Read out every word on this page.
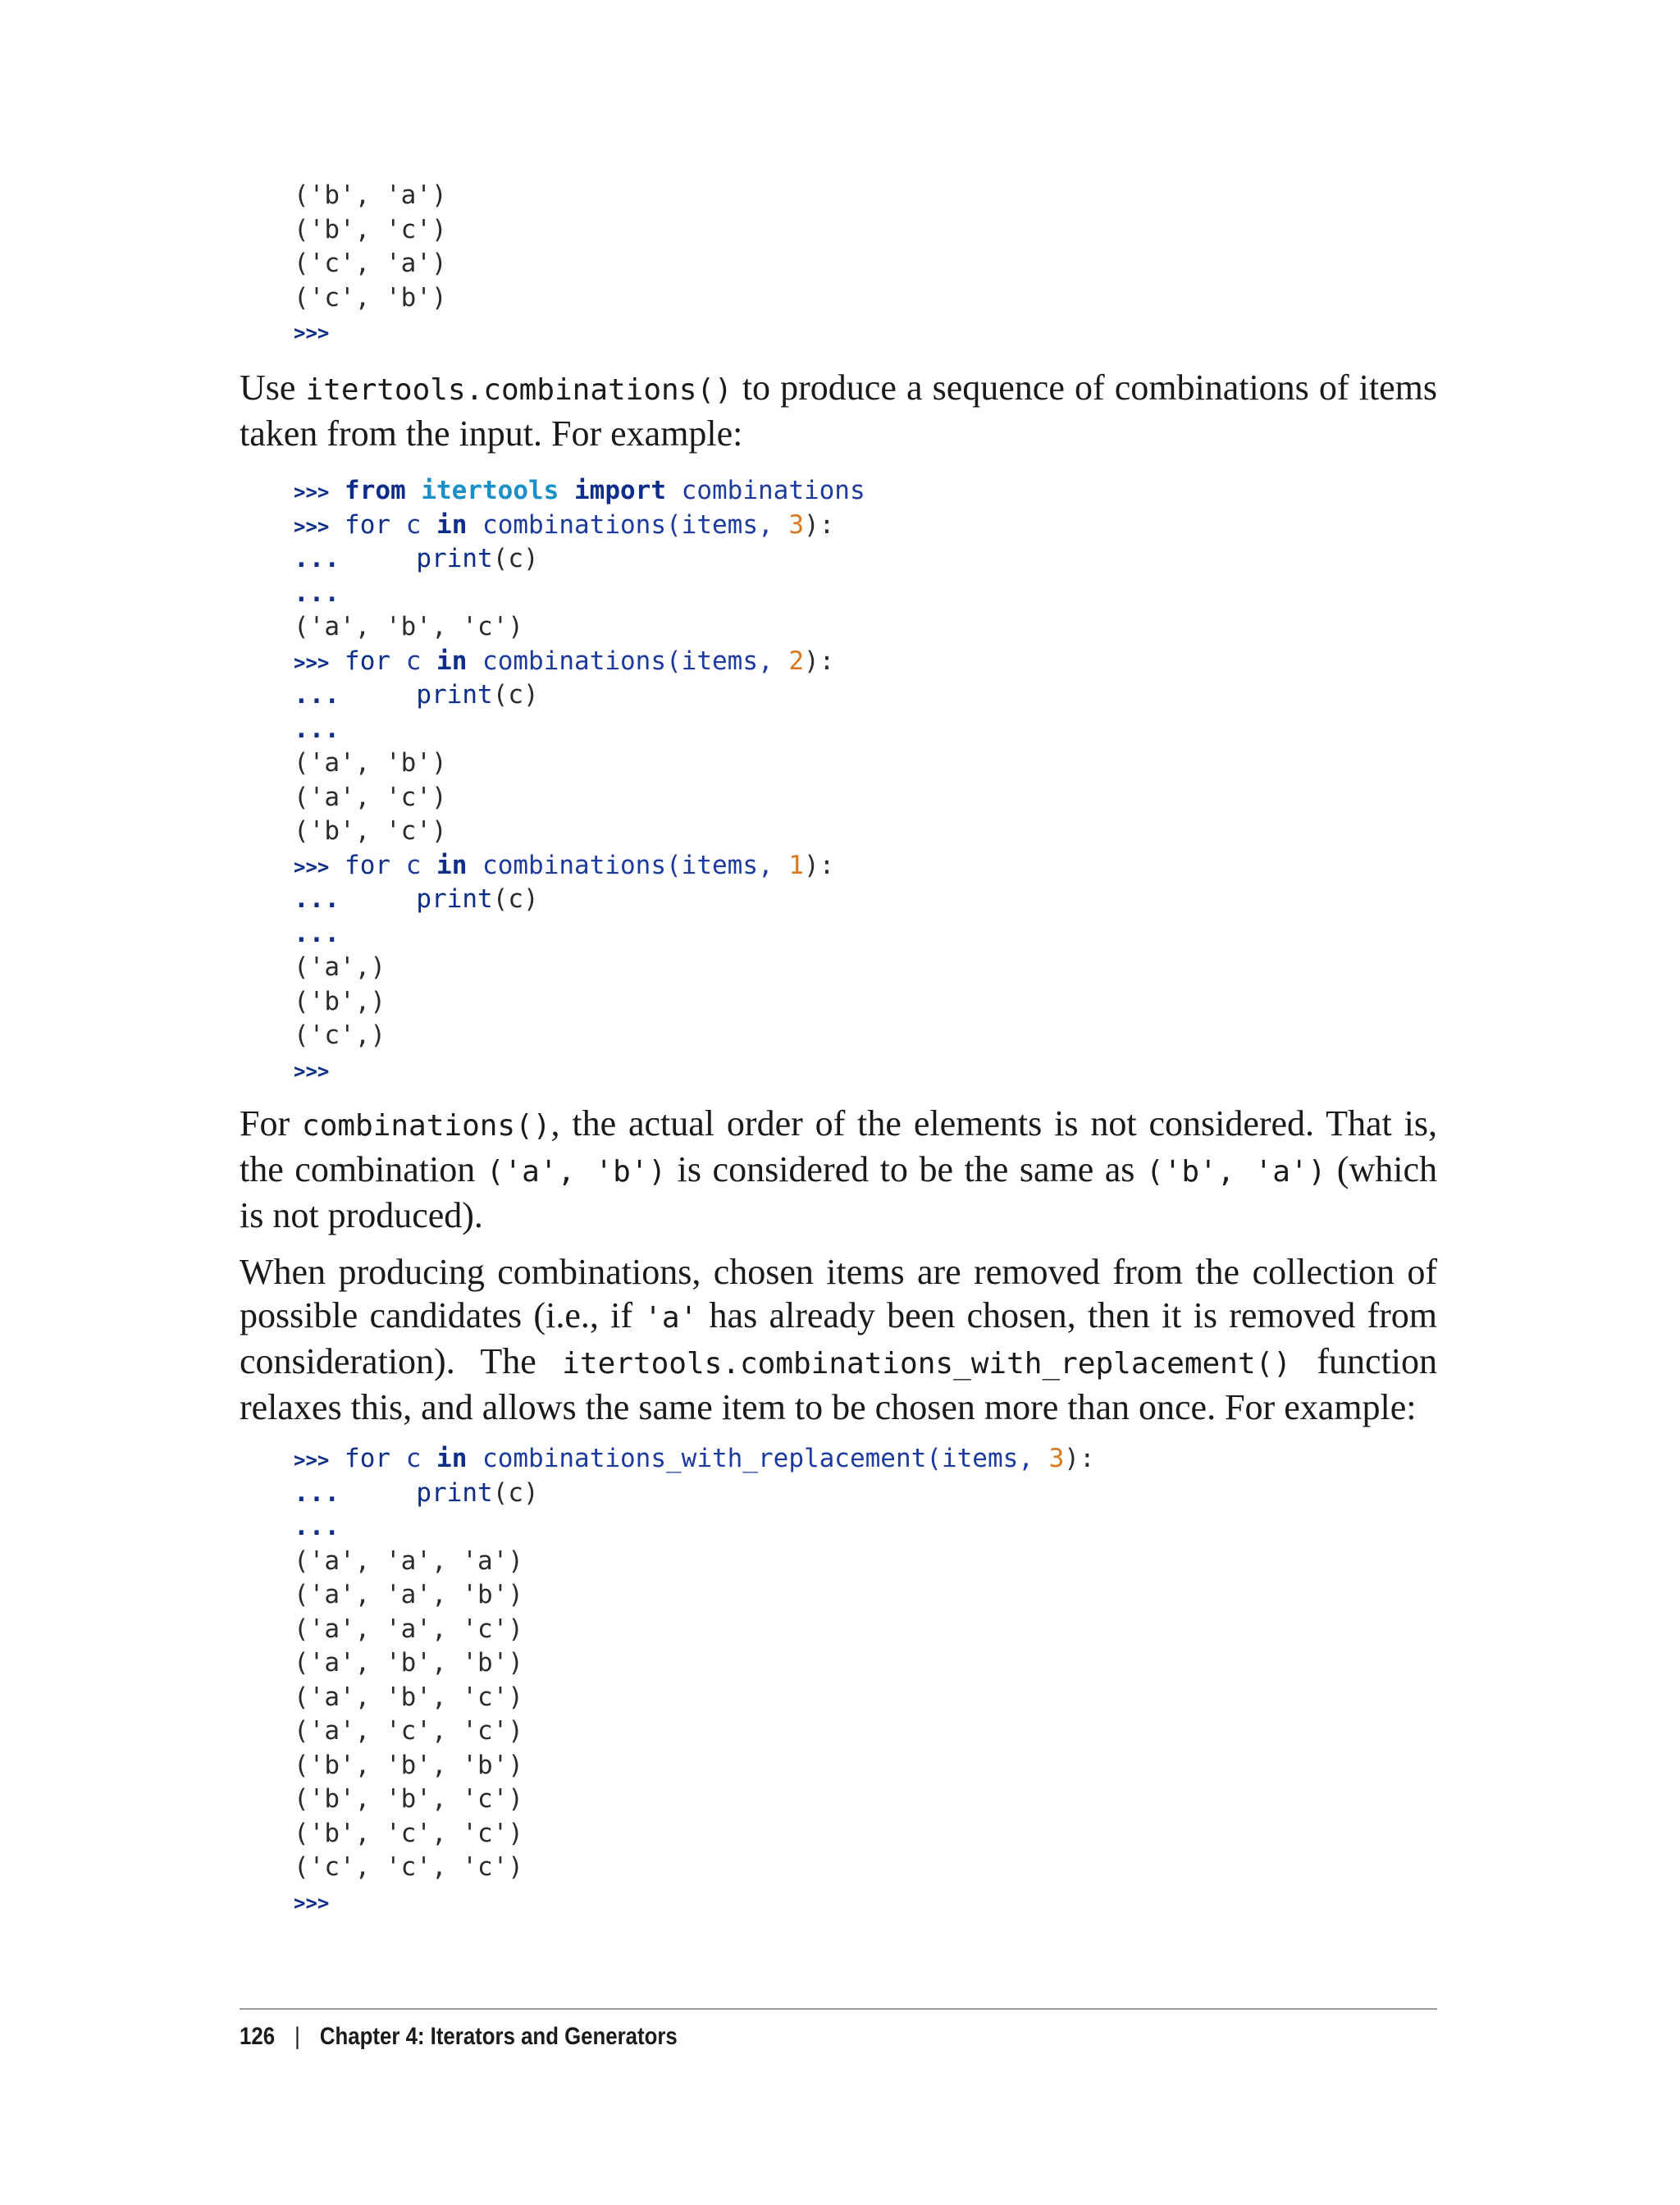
('b', 'a')
('b', 'c')
('c', 'a')
('c', 'b')
>>>

Use itertools.combinations() to produce a sequence of combinations of items taken from the input. For example:

>>> from itertools import combinations
>>> for c in combinations(items, 3):
...	print(c)
...
('a', 'b', 'c')
>>> for c in combinations(items, 2):
...	print(c)
...
('a', 'b')
('a', 'c')
('b', 'c')
>>> for c in combinations(items, 1):
...	print(c)
...
('a',)
('b',)
('c',)
>>>

For combinations(), the actual order of the elements is not considered. That is, the combination ('a', 'b') is considered to be the same as ('b', 'a') (which is not produced).

When producing combinations, chosen items are removed from the collection of possible candidates (i.e., if 'a' has already been chosen, then it is removed from consideration). The itertools.combinations_with_replacement() function relaxes this, and allows the same item to be chosen more than once. For example:

>>> for c in combinations_with_replacement(items, 3):
...	print(c)
...
('a', 'a', 'a')
('a', 'a', 'b')
('a', 'a', 'c')
('a', 'b', 'b')
('a', 'b', 'c')
('a', 'c', 'c')
('b', 'b', 'b')
('b', 'b', 'c')
('b', 'c', 'c')
('c', 'c', 'c')
>>>
126 | Chapter 4: Iterators and Generators
